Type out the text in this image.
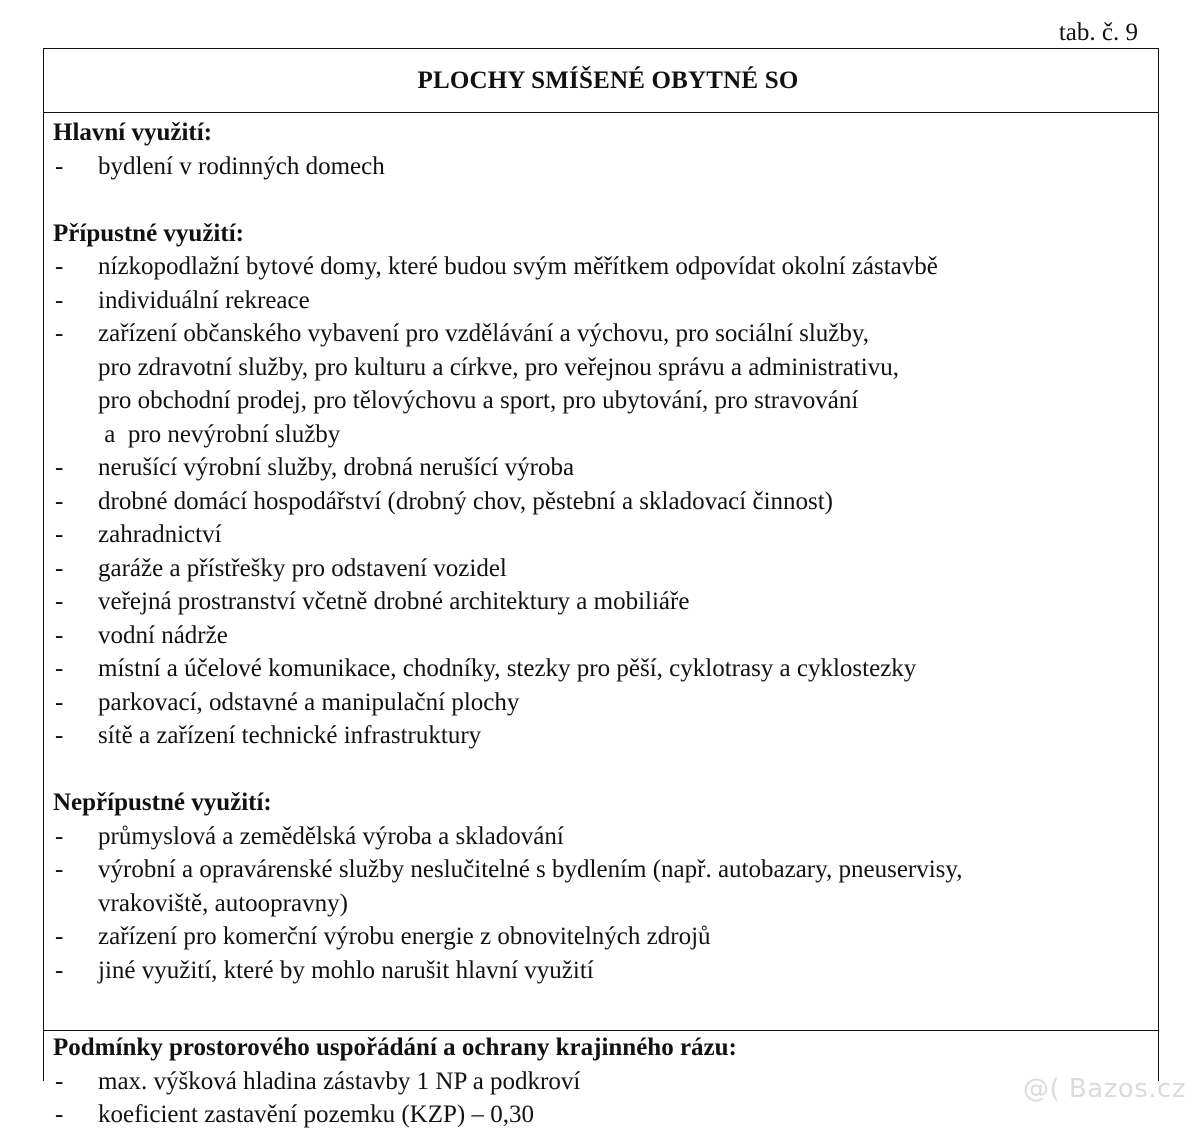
tab. č. 9
PLOCHY SMÍŠENÉ OBYTNÉ SO
Hlavní využití:
- bydlení v rodinných domech
Přípustné využití:
- nízkopodlažní bytové domy, které budou svým měřítkem odpovídat okolní zástavbě
- individuální rekreace
- zařízení občanského vybavení pro vzdělávání a výchovu, pro sociální služby,
pro zdravotní služby, pro kulturu a církve, pro veřejnou správu a administrativu,
pro obchodní prodej, pro tělovýchovu a sport, pro ubytování, pro stravování
a  pro nevýrobní služby
- nerušící výrobní služby, drobná nerušící výroba
- drobné domácí hospodářství (drobný chov, pěstební a skladovací činnost)
- zahradnictví
- garáže a přístřešky pro odstavení vozidel
- veřejná prostranství včetně drobné architektury a mobiliáře
- vodní nádrže
- místní a účelové komunikace, chodníky, stezky pro pěší, cyklotrasy a cyklostezky
- parkovací, odstavné a manipulační plochy
- sítě a zařízení technické infrastruktury
Nepřípustné využití:
- průmyslová a zemědělská výroba a skladování
- výrobní a opravárenské služby neslučitelné s bydlením (např. autobazary, pneuservisy,
vrakoviště, autoopravny)
- zařízení pro komerční výrobu energie z obnovitelných zdrojů
- jiné využití, které by mohlo narušit hlavní využití
Podmínky prostorového uspořádání a ochrany krajinného rázu:
- max. výšková hladina zástavby 1 NP a podkroví
- koeficient zastavění pozemku (KZP) – 0,30
@( Bazos.cz
